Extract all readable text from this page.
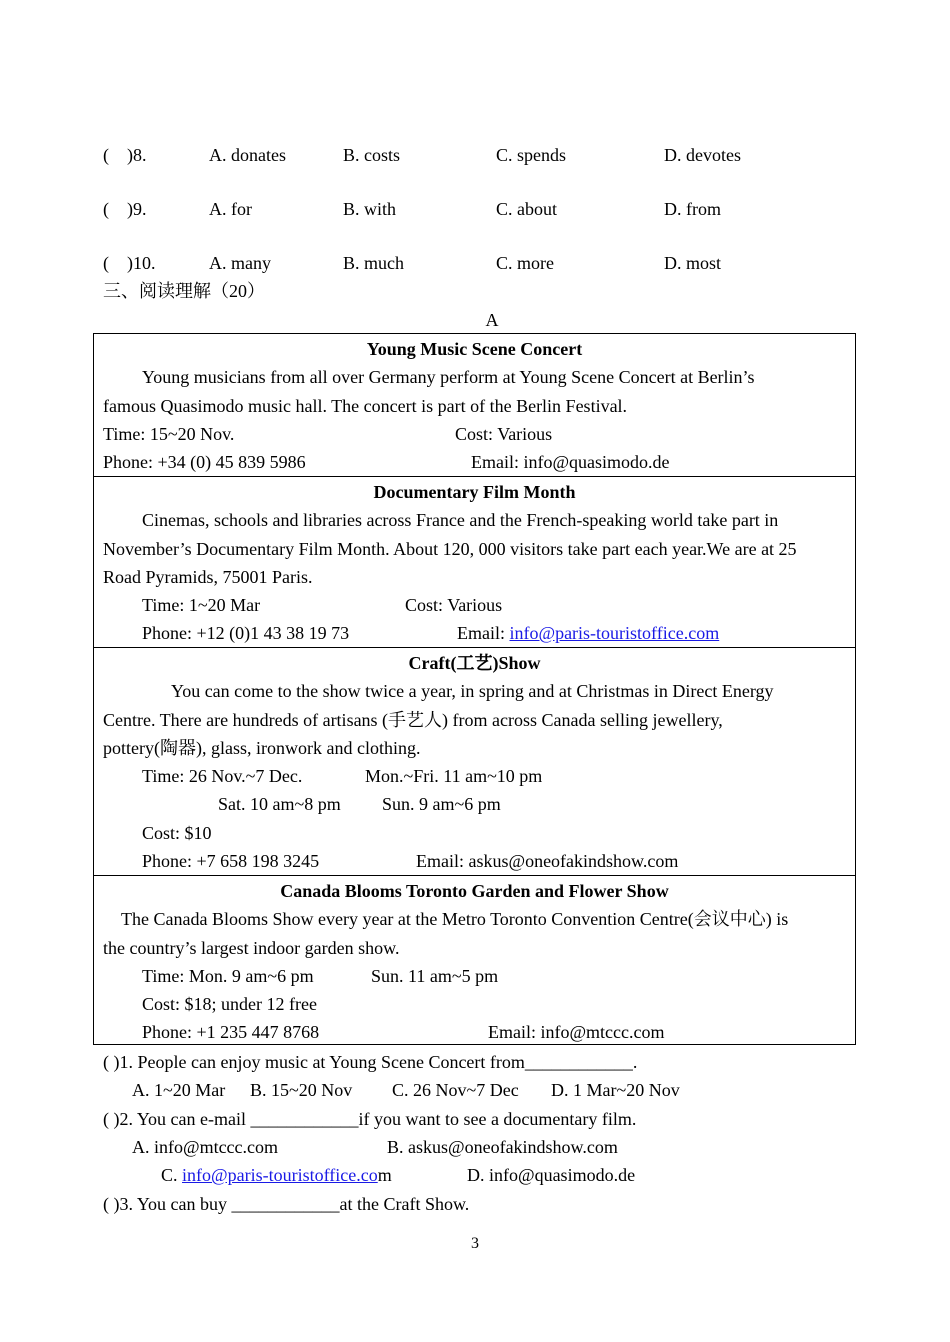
( )8.	A. donates	B. costs	C. spends	D. devotes
( )9.	A. for	B. with	C. about	D. from
( )10.	A. many	B. much	C. more	D. most
三、阅读理解（20）
A
Young Music Scene Concert
Young musicians from all over Germany perform at Young Scene Concert at Berlin’s
famous Quasimodo music hall. The concert is part of the Berlin Festival.
Time: 15~20 Nov.	Cost: Various
Phone: +34 (0) 45 839 5986	Email: info@quasimodo.de
Documentary Film Month
Cinemas, schools and libraries across France and the French-speaking world take part in
November’s Documentary Film Month. About 120, 000 visitors take part each year.We are at 25
Road Pyramids, 75001 Paris.
Time: 1~20 Mar	Cost: Various
Phone: +12 (0)1 43 38 19 73	Email: info@paris-touristoffice.com
Craft(工艺)Show
You can come to the show twice a year, in spring and at Christmas in Direct Energy
Centre. There are hundreds of artisans (手艺人) from across Canada selling jewellery,
pottery(陶器), glass, ironwork and clothing.
Time: 26 Nov.~7 Dec.	Mon.~Fri. 11 am~10 pm
Sat. 10 am~8 pm Sun. 9 am~6 pm
Cost: $10
Phone: +7 658 198 3245	Email: askus@oneofakindshow.com
Canada Blooms Toronto Garden and Flower Show
The Canada Blooms Show every year at the Metro Toronto Convention Centre(会议中心) is
the country’s largest indoor garden show.
Time: Mon. 9 am~6 pm	Sun. 11 am~5 pm
Cost: $18; under 12 free
Phone: +1 235 447 8768	Email: info@mtccc.com
( )1. People can enjoy music at Young Scene Concert from____________.
A. 1~20 Mar B. 15~20 Nov C. 26 Nov~7 Dec D. 1 Mar~20 Nov
( )2. You can e-mail ____________if you want to see a documentary film.
A. info@mtccc.com	B. askus@oneofakindshow.com
C. info@paris-touristoffice.com	D. info@quasimodo.de
( )3. You can buy ____________at the Craft Show.
3
